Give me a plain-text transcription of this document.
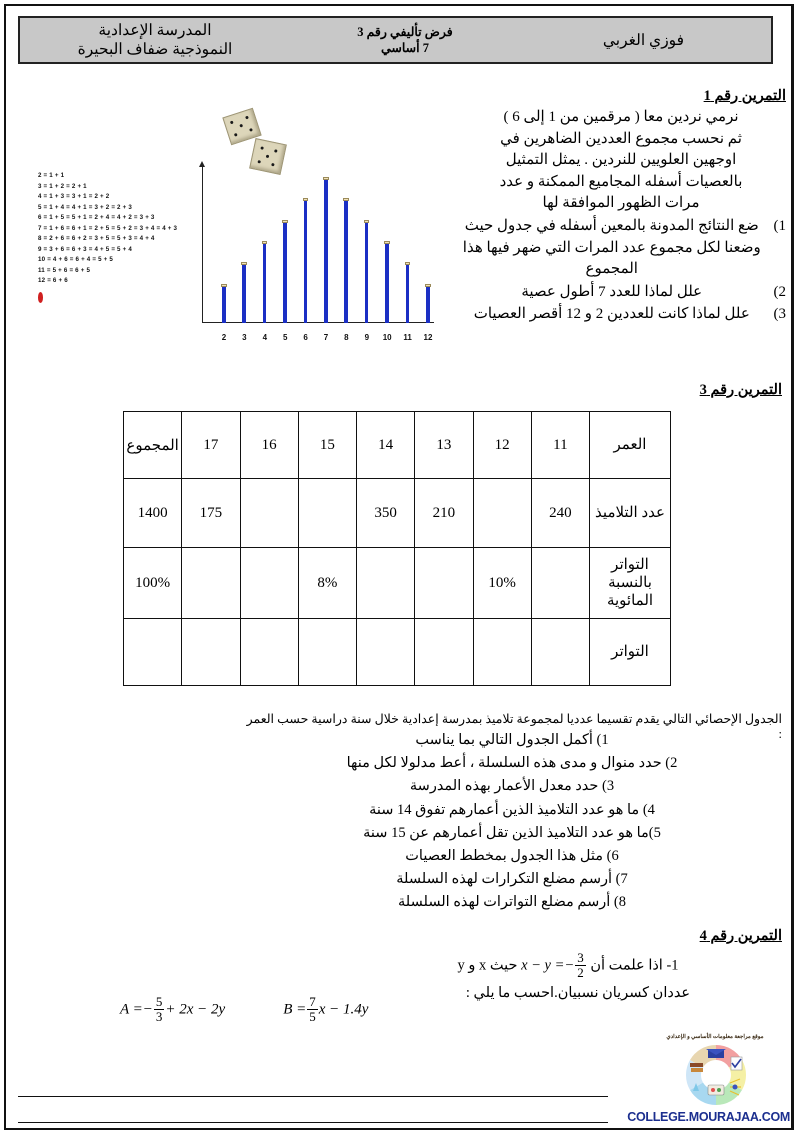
فوزي الغربي
فرض تأليفي رقم 3
7 أساسي
المدرسة الإعدادية
النموذجية ضفاف البحيرة
التمرين رقم 1
نرمي نردين معا ( مرقمين من 1 إلى 6 )
ثم نحسب مجموع العددين الضاهرين في
اوجهين العلويين للنردين . يمثل التمثيل
بالعصيات أسفله المجاميع الممكنة و عدد
مرات الظهور الموافقة لها
1)
ضع النتائج المدونة بالمعين أسفله في جدول حيث وضعنا لكل مجموع عدد المرات التي ضهر فيها هذا المجموع
2)
علل لماذا للعدد 7 أطول عصية
3)
علل لماذا كانت للعددين 2 و 12 أقصر العصيات
2 = 1 + 1
3 = 1 + 2 = 2 + 1
4 = 1 + 3 = 3 + 1 = 2 + 2
5 = 1 + 4 = 4 + 1 = 3 + 2 = 2 + 3
6 = 1 + 5 = 5 + 1 = 2 + 4 = 4 + 2 = 3 + 3
7 = 1 + 6 = 6 + 1 = 2 + 5 = 5 + 2 = 3 + 4 = 4 + 3
8 = 2 + 6 = 6 + 2 = 3 + 5 = 5 + 3 = 4 + 4
9 = 3 + 6 = 6 + 3 = 4 + 5 = 5 + 4
10 = 4 + 6 = 6 + 4 = 5 + 5
11 = 5 + 6 = 6 + 5
12 = 6 + 6
2	3	4	5	6	7	8	9	10	11	12
التمرين رقم 3
العمر	11	12	13	14	15	16	17	المجموع
عدد التلاميذ	240		210	350			175	1400
التواتر بالنسبة المائوية		10%			8%			100%
التواتر								
الجدول الإحصائي التالي يقدم تقسيما عدديا لمجموعة تلاميذ بمدرسة إعدادية خلال سنة دراسية حسب العمر :
1) أكمل الجدول التالي بما يناسب
2) حدد منوال و مدى هذه السلسلة ، أعط مدلولا لكل منها
3) حدد معدل الأعمار بهذه المدرسة
4) ما هو عدد التلاميذ الذين أعمارهم تفوق 14 سنة
5)ما هو عدد التلاميذ الذين تقل أعمارهم عن 15 سنة
6) مثل هذا الجدول بمخطط العصيات
7) أرسم مضلع التكرارات لهذه السلسلة
8) أرسم مضلع التواترات لهذه السلسلة
التمرين رقم 4
1- اذا علمت أن $x - y =- \frac{3}{2}$
حيث x و y
عددان كسريان نسبيان.احسب ما يلي :
$A =- \frac{5}{3} + 2x - 2y$	$B = \frac{7}{5}$ x − 1.4y
موقع مراجعة معلومات الأساسي و الإعدادي
COLLEGE.MOURAJAA.COM
